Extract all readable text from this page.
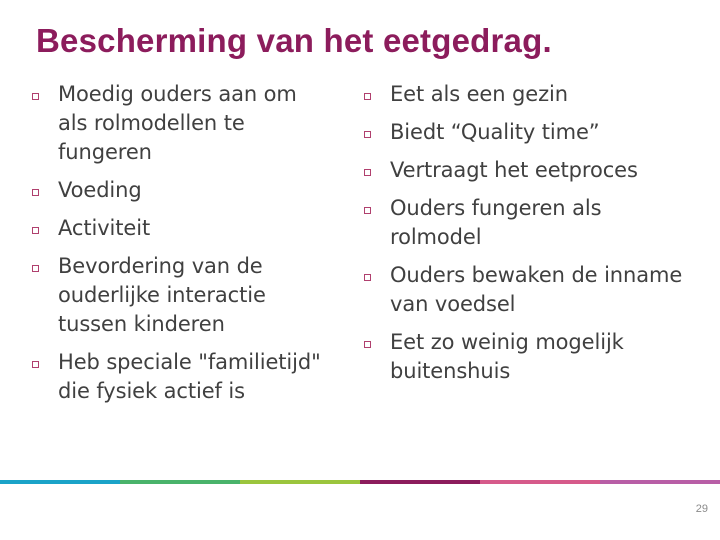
Bescherming van het eetgedrag.
Moedig ouders aan om als rolmodellen te fungeren
Voeding
Activiteit
Bevordering van de ouderlijke interactie tussen kinderen
Heb speciale "familietijd" die fysiek actief is
Eet als een gezin
Biedt “Quality time”
Vertraagt het eetproces
Ouders fungeren als rolmodel
Ouders bewaken de inname van voedsel
Eet zo weinig mogelijk buitenshuis
29
